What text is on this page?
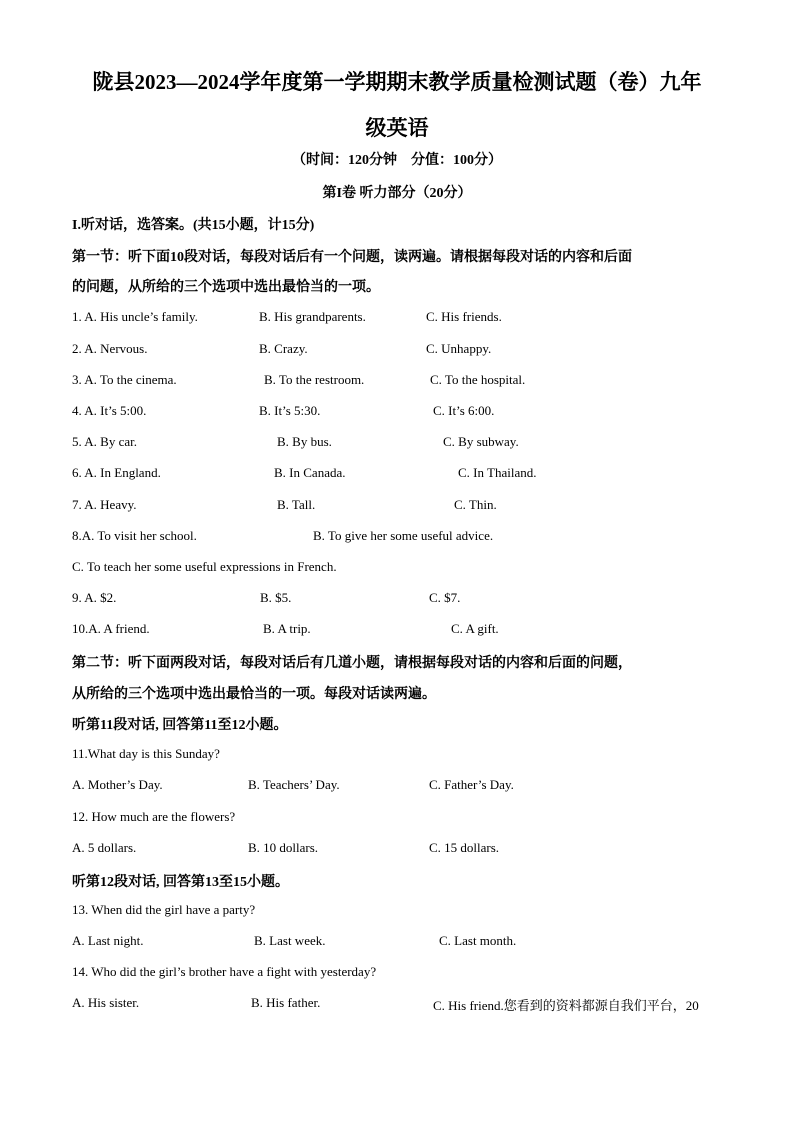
陇县2023—2024学年度第一学期期末教学质量检测试题（卷）九年
级英语
（时间：120分钟    分值：100分）
第I卷 听力部分（20分）
I.听对话，选答案。(共15小题，计15分)
第一节：听下面10段对话，每段对话后有一个问题，读两遍。请根据每段对话的内容和后面
的问题，从所给的三个选项中选出最恰当的一项。
1. A. His uncle’s family.	B. His grandparents.	C. His friends.
2. A. Nervous.	B. Crazy.	C. Unhappy.
3. A. To the cinema.	B. To the restroom.	C. To the hospital.
4. A. It’s 5:00.	B. It’s 5:30.	C. It’s 6:00.
5. A. By car.	B. By bus.	C. By subway.
6. A. In England.	B. In Canada.	C. In Thailand.
7. A. Heavy.	B. Tall.	C. Thin.
8.A. To visit her school.	B. To give her some useful advice.
C. To teach her some useful expressions in French.
9. A. $2.	B. $5.	C. $7.
10.A. A friend.	B. A trip.	C. A gift.
第二节：听下面两段对话，每段对话后有几道小题，请根据每段对话的内容和后面的问题，
从所给的三个选项中选出最恰当的一项。每段对话读两遍。
听第11段对话, 回答第11至12小题。
11.What day is this Sunday?
A. Mother’s Day.	B. Teachers’ Day.	C. Father’s Day.
12. How much are the flowers?
A. 5 dollars.	B. 10 dollars.	C. 15 dollars.
听第12段对话, 回答第13至15小题。
13. When did the girl have a party?
A. Last night.	B. Last week.	C. Last month.
14. Who did the girl’s brother have a fight with yesterday?
A. His sister.	B. His father.	C. His friend.您看到的资料都源自我们平台，20
